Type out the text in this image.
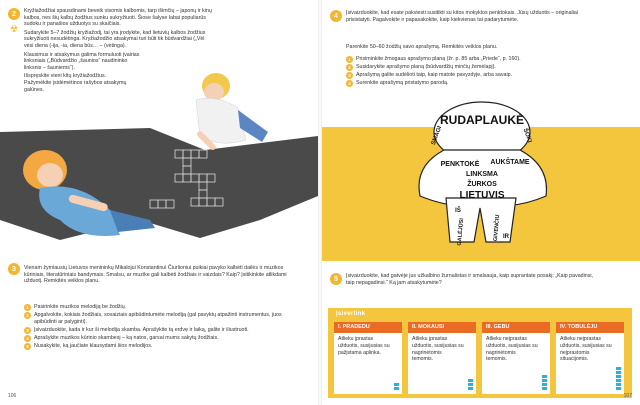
2
☢

Kryžiažodžiai spausdinami beveik visomis kalbomis, tarp išimčių – japonų ir kinų kalbos, nes šių kalbų žodžius sunku sukryžiuoti. Šiose šalyse labai populiarūs sudoku ir panašios užduotys su skaičiais.

Sudarykite 5–7 žodžių kryžiažodį, tai yra jrodykite, kad lietuvių kalbos žodžius sukryžiuoti nesudėtinga. Kryžiažodžio atsakymai turi būti tik būdvardžiai („Vėl vėsi diena (-ija, -ia, diena būs… – (vėtinga).

Klausimus ir atsakymus galima formuluoti įvairias linksniais („Būdvardžio „šaunios“ naudininko linksnis – šauniems“).

Išspręskite vieni kitų kryžiažodžius. Pažymėkite įsidėmėtinos rašybos atsakymų galūnes.

3	Vienam žymiausių Lietuvos menininkų Mikalojui Konstantinui Čiurlioniui puikiai pavyko kalbėti dailės ir muzikos kūriniais, literatūriniais bandymais. Smalsu, ar muzike gali kalbėti žodžiais ir vaizdais? Kaip? Įsitikinkite atlikdami užduotį. Remkitės veiklos planu.
1 Pasirinkite muzikos melodiją be žodžių.
2 Apgalvokite, kokiais žodžiais, sovaiziais apibūdintumėte melodiją (gal pavyktų atpažinti instrumentus, juos apibūdinti ar palyginti).
3 Įsivaizduokite, kada ir kur ši melodija skamba. Aprašykite tą erdvę ir laiką, galite ir iliustruoti.
4 Aprašykite muzikos kūrinio skambesį – ką natos, garsai mums sakytų žodžiais.
5 Nusakykite, ką jaučiate klausydami šios melodijos.
106
4	Įsivaizduokite, kad esate pakviesti susitikti su kitos mokyklos penktokais. Jūsų užduotis – originaliai prisistatyti. Pagalvokite ir papasakokite, kaip kiekvienas tai padarytumėte.
Parenkite 50–60 žodžių savo aprašymą. Remkitės veiklos planu.
1 Prisiminkite žmogaus aprašymo planą (žr. p. 85 arba „Priede“, p. 160).
2 Susidarykite aprašymo planą (būdvardžių minčių žemėlapį).
3 Aprašymą galite sudėlioti taip, kaip matote pavyzdyje, arba savaip.
4 Surenkite aprašymą pristatymo parodą.
RUDAPLAUKĖ
SMAGI	ŠOKI
PENKTOKĖ AUKŠTAME
LINKSMA
ŽURKOS
LIETUVIS
IŠ
GALĖJŪSI	GIVENČIU IR
5	Įsivaizduokite, kad gatvėje jus užkalbino žurnalistas ir smalsauja, kaip suprantate posakį: „Kaip pavadinsi, taip nepagadinsi.“ Ką jam atsakytumėte?
Įsivertink
I. PRADEDU
Atlieku įprastas užduotis, susijusias su pažįstama aplinka.
II. MOKAUSI
Atlieku įprastas užduotis, susijusias su nagrinėtomis temomis.
III. GEBU
Atlieku neįprastas užduotis, susijusias su nagrinėtomis temomis.
IV. TOBULĖJU
Atlieku neįprastas užduotis, susijusias su neįprastomis situacijomis.
107
